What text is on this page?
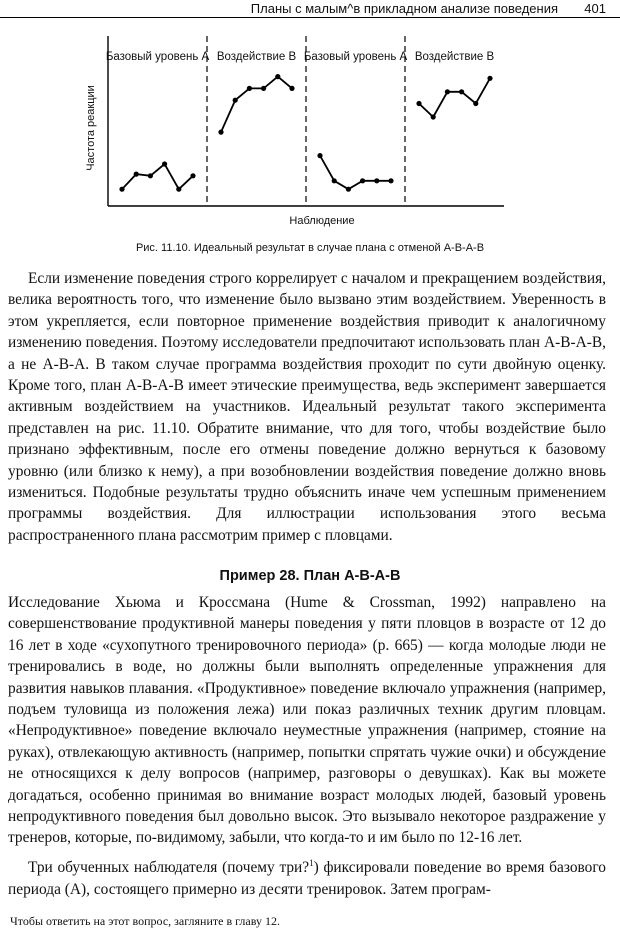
Планы с малым^в прикладном анализе поведения 401
Частота реакции
Наблюдение
Базовый уровень А Воздействие В Базовый уровень А Воздействие В
Рис. 11.10. Идеальный результат в случае плана с отменой А-В-А-В

Если изменение поведения строго коррелирует с началом и прекращением воздействия, велика вероятность того, что изменение было вызвано этим воздействием. Уверенность в этом укрепляется, если повторное применение воздействия приводит к аналогичному изменению поведения. Поэтому исследователи предпочитают использовать план А-В-А-В, а не А-В-А. В таком случае программа воздействия проходит по сути двойную оценку. Кроме того, план А-В-А-В имеет этические преимущества, ведь эксперимент завершается активным воздействием на участников. Идеальный результат такого эксперимента представлен на рис. 11.10. Обратите внимание, что для того, чтобы воздействие было признано эффективным, после его отмены поведение должно вернуться к базовому уровню (или близко к нему), а при возобновлении воздействия поведение должно вновь измениться. Подобные результаты трудно объяснить иначе чем успешным применением программы воздействия. Для иллюстрации использования этого весьма распространенного плана рассмотрим пример с пловцами.

Пример 28. План А-В-А-В

Исследование Хьюма и Кроссмана (Hume & Crossman, 1992) направлено на совершенствование продуктивной манеры поведения у пяти пловцов в возрасте от 12 до 16 лет в ходе «сухопутного тренировочного периода» (р. 665) — когда молодые люди не тренировались в воде, но должны были выполнять определенные упражнения для развития навыков плавания. «Продуктивное» поведение включало упражнения (например, подъем туловища из положения лежа) или показ различных техник другим пловцам. «Непродуктивное» поведение включало неуместные упражнения (например, стояние на руках), отвлекающую активность (например, попытки спрятать чужие очки) и обсуждение не относящихся к делу вопросов (например, разговоры о девушках). Как вы можете догадаться, особенно принимая во внимание возраст молодых людей, базовый уровень непродуктивного поведения был довольно высок. Это вызывало некоторое раздражение у тренеров, которые, по-видимому, забыли, что когда-то и им было по 12-16 лет.

Три обученных наблюдателя (почему три?$^1$) фиксировали поведение во время базового периода (А), состоящего примерно из десяти тренировок. Затем програм-

Чтобы ответить на этот вопрос, загляните в главу 12.
